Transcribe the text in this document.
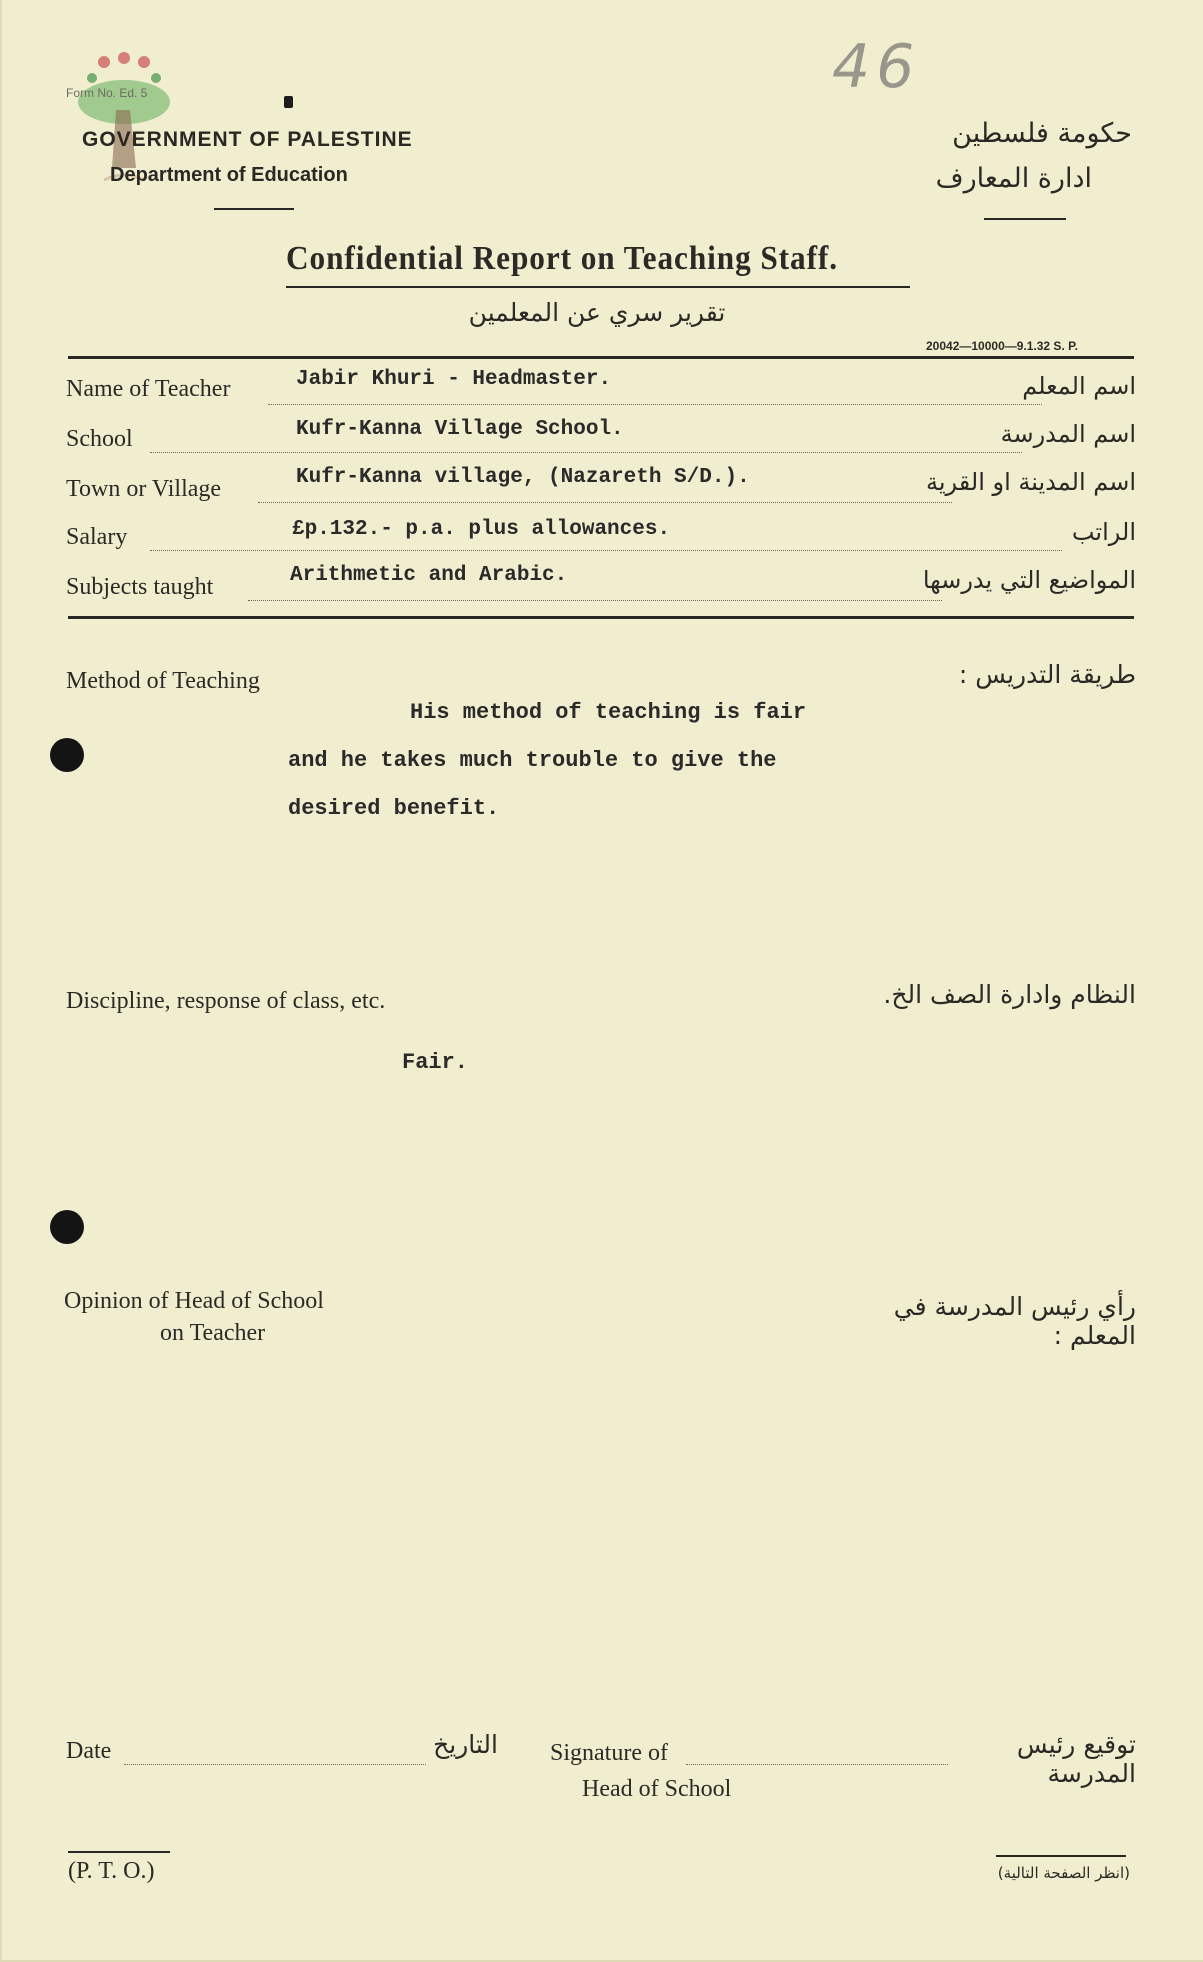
46
Form No. Ed. 5
GOVERNMENT OF PALESTINE
Department of Education
حكومة فلسطين
ادارة المعارف
Confidential Report on Teaching Staff.
تقرير سري عن المعلمين
20042—10000—9.1.32 S. P.
Name of Teacher	Jabir Khuri - Headmaster.	اسم المعلم
School	Kufr-Kanna Village School.	اسم المدرسة
Town or Village	Kufr-Kanna village, (Nazareth S/D.).	اسم المدينة او القرية
Salary	£p.132.- p.a. plus allowances.	الراتب
Subjects taught	Arithmetic and Arabic.	المواضيع التي يدرسها
Method of Teaching	طريقة التدريس :
His method of teaching is fair
and he takes much trouble to give the
desired benefit.
Discipline, response of class, etc.	النظام وادارة الصف الخ.
Fair.
Opinion of Head of School
on Teacher
رأي رئيس المدرسة في المعلم :
Date	التاريخ Signature of	توقيع رئيس المدرسة
Head of School
(P. T. O.)	(انظر الصفحة التالية)
